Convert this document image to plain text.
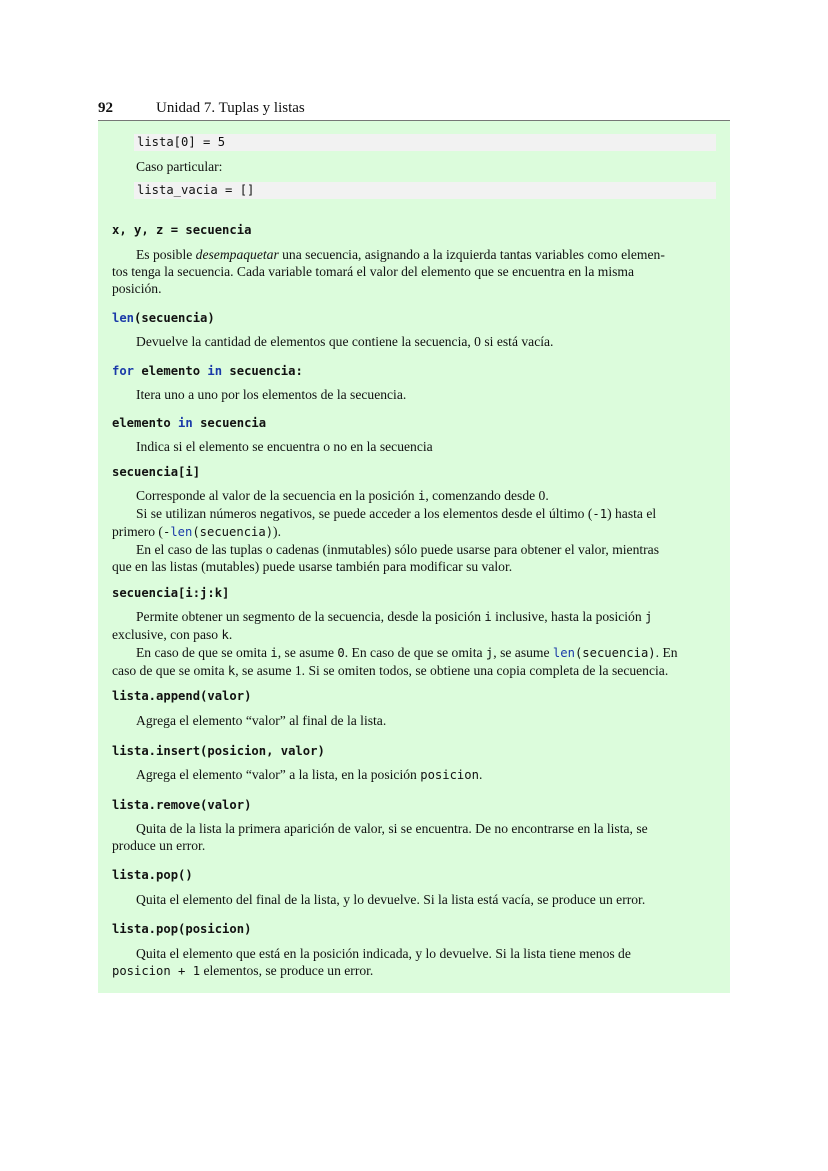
92	Unidad 7. Tuplas y listas
lista[0] = 5
Caso particular:
lista_vacia = []
x, y, z = secuencia
Es posible desempaquetar una secuencia, asignando a la izquierda tantas variables como elemen-
tos tenga la secuencia. Cada variable tomará el valor del elemento que se encuentra en la misma
posición.
len(secuencia)
Devuelve la cantidad de elementos que contiene la secuencia, 0 si está vacía.
for elemento in secuencia:
Itera uno a uno por los elementos de la secuencia.
elemento in secuencia
Indica si el elemento se encuentra o no en la secuencia
secuencia[i]
Corresponde al valor de la secuencia en la posición i, comenzando desde 0.
Si se utilizan números negativos, se puede acceder a los elementos desde el último (-1) hasta el
primero (-len(secuencia)).
En el caso de las tuplas o cadenas (inmutables) sólo puede usarse para obtener el valor, mientras
que en las listas (mutables) puede usarse también para modificar su valor.
secuencia[i:j:k]
Permite obtener un segmento de la secuencia, desde la posición i inclusive, hasta la posición j
exclusive, con paso k.
En caso de que se omita i, se asume 0. En caso de que se omita j, se asume len(secuencia). En
caso de que se omita k, se asume 1. Si se omiten todos, se obtiene una copia completa de la secuencia.
lista.append(valor)
Agrega el elemento “valor” al final de la lista.
lista.insert(posicion, valor)
Agrega el elemento “valor” a la lista, en la posición posicion.
lista.remove(valor)
Quita de la lista la primera aparición de valor, si se encuentra. De no encontrarse en la lista, se
produce un error.
lista.pop()
Quita el elemento del final de la lista, y lo devuelve. Si la lista está vacía, se produce un error.
lista.pop(posicion)
Quita el elemento que está en la posición indicada, y lo devuelve. Si la lista tiene menos de
posicion + 1 elementos, se produce un error.
